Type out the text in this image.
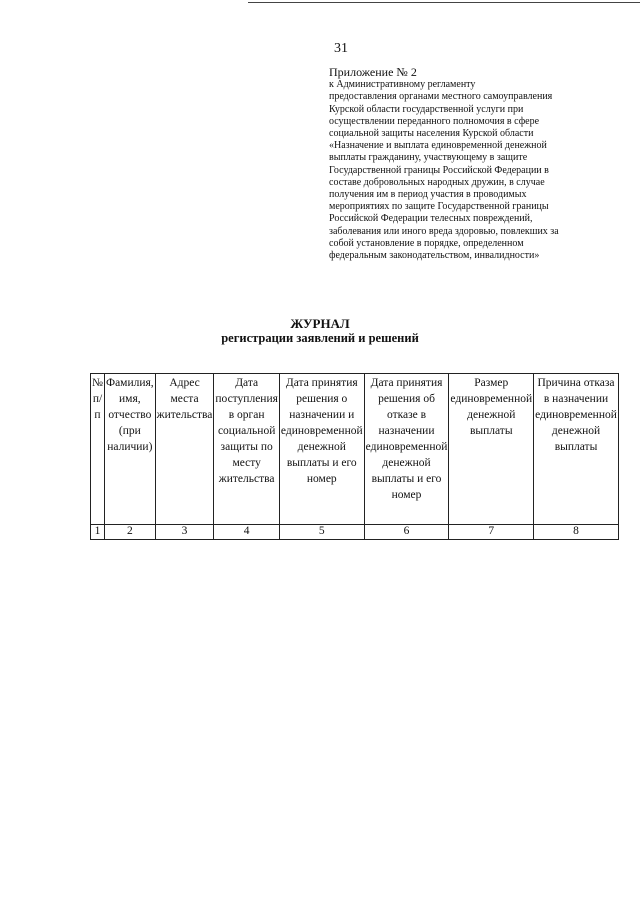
31
Приложение № 2
к Административному регламенту
предоставления органами местного самоуправления
Курской области государственной услуги при
осуществлении переданного полномочия в сфере
социальной защиты населения Курской области
«Назначение и выплата единовременной денежной
выплаты гражданину, участвующему в защите
Государственной границы Российской Федерации в
составе добровольных народных дружин, в случае
получения им в период участия в проводимых
мероприятиях по защите Государственной границы
Российской Федерации телесных повреждений,
заболевания или иного вреда здоровью, повлекших за
собой установление в порядке, определенном
федеральным законодательством, инвалидности»
ЖУРНАЛ
регистрации заявлений и решений
№ п/п	Фамилия, имя, отчество (при наличии)	Адрес места жительства	Дата поступления в орган социальной защиты по месту жительства	Дата принятия решения о назначении и единовременной денежной выплаты и его номер	Дата принятия решения об отказе в назначении единовременной денежной выплаты и его номер	Размер единовременной денежной выплаты	Причина отказа в назначении единовременной денежной выплаты
1	2	3	4	5	6	7	8
